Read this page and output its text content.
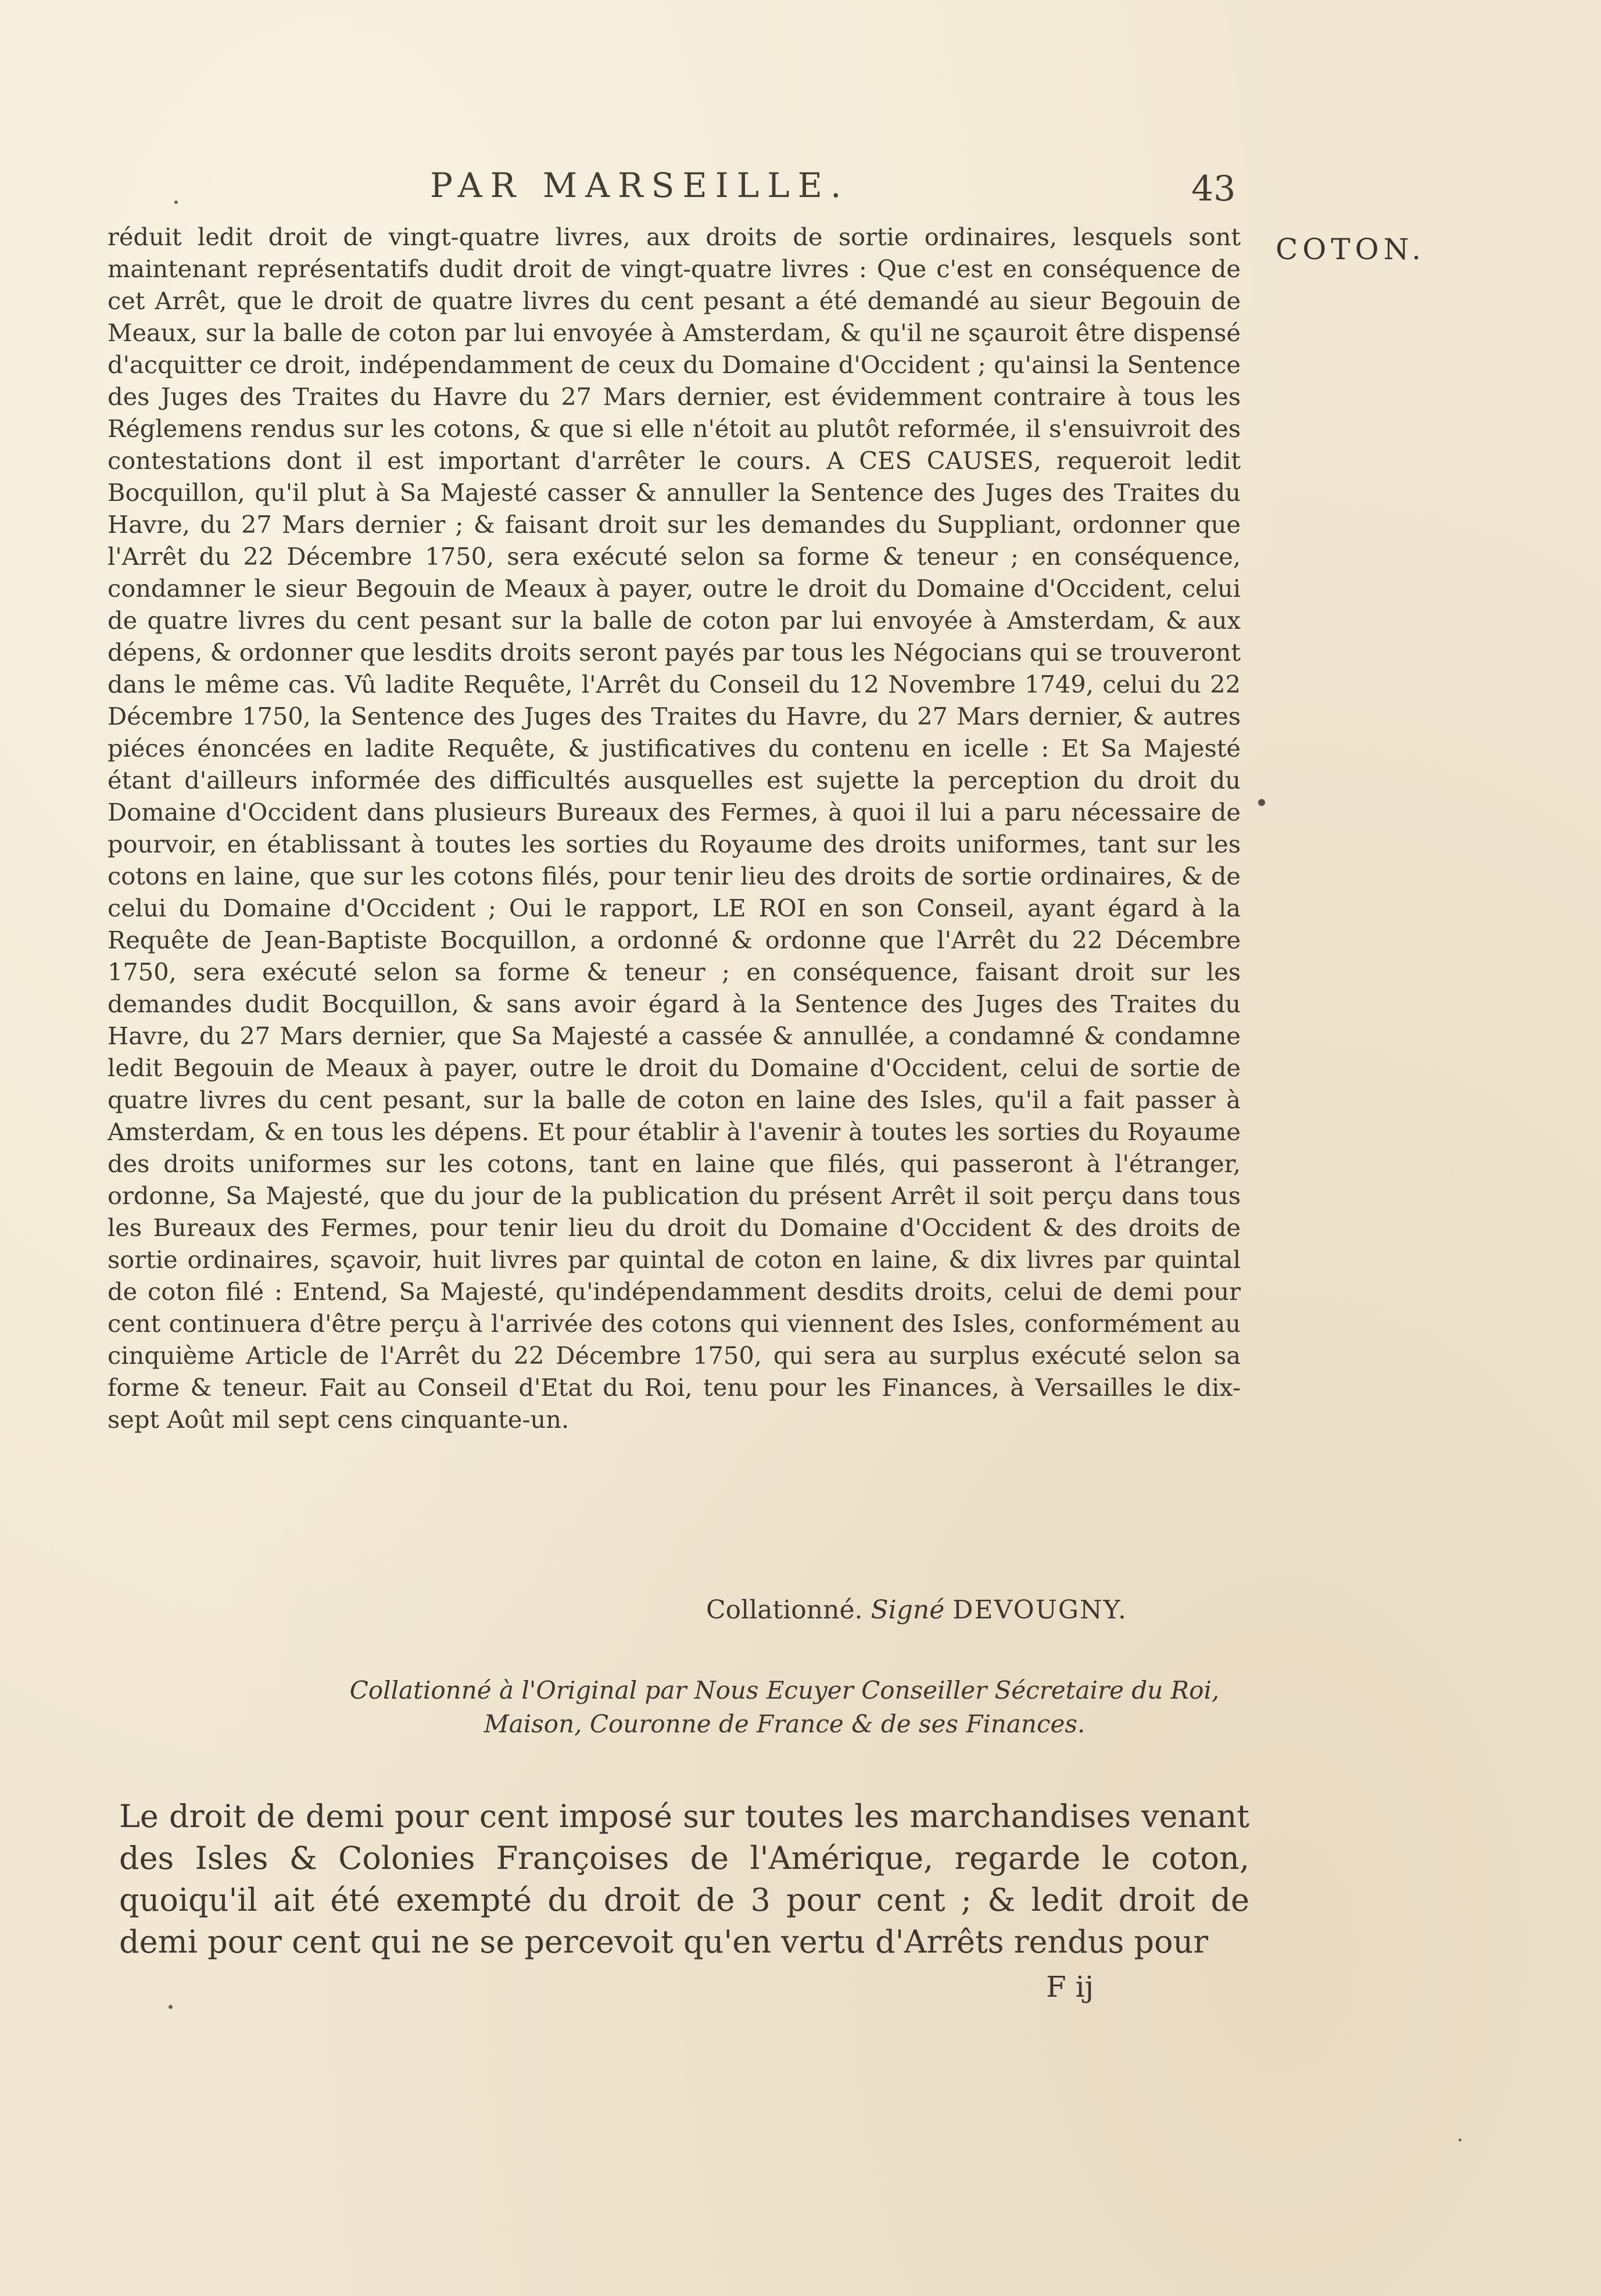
PAR MARSEILLE.	43
COTON.
réduit ledit droit de vingt-quatre livres, aux droits de sortie ordinaires, lesquels sont maintenant représentatifs dudit droit de vingt-quatre livres : Que c'est en conséquence de cet Arrêt, que le droit de quatre livres du cent pesant a été demandé au sieur Begouin de Meaux, sur la balle de coton par lui envoyée à Amsterdam, & qu'il ne sçauroit être dispensé d'acquitter ce droit, indépendamment de ceux du Domaine d'Occident ; qu'ainsi la Sentence des Juges des Traites du Havre du 27 Mars dernier, est évidemment contraire à tous les Réglemens rendus sur les cotons, & que si elle n'étoit au plutôt reformée, il s'ensuivroit des contestations dont il est important d'arrêter le cours. A CES CAUSES, requeroit ledit Bocquillon, qu'il plut à Sa Majesté casser & annuller la Sentence des Juges des Traites du Havre, du 27 Mars dernier ; & faisant droit sur les demandes du Suppliant, ordonner que l'Arrêt du 22 Décembre 1750, sera exécuté selon sa forme & teneur ; en conséquence, condamner le sieur Begouin de Meaux à payer, outre le droit du Domaine d'Occident, celui de quatre livres du cent pesant sur la balle de coton par lui envoyée à Amsterdam, & aux dépens, & ordonner que lesdits droits seront payés par tous les Négocians qui se trouveront dans le même cas. Vû ladite Requête, l'Arrêt du Conseil du 12 Novembre 1749, celui du 22 Décembre 1750, la Sentence des Juges des Traites du Havre, du 27 Mars dernier, & autres piéces énoncées en ladite Requête, & justificatives du contenu en icelle : Et Sa Majesté étant d'ailleurs informée des difficultés ausquelles est sujette la perception du droit du Domaine d'Occident dans plusieurs Bureaux des Fermes, à quoi il lui a paru nécessaire de pourvoir, en établissant à toutes les sorties du Royaume des droits uniformes, tant sur les cotons en laine, que sur les cotons filés, pour tenir lieu des droits de sortie ordinaires, & de celui du Domaine d'Occident ; Oui le rapport, LE ROI en son Conseil, ayant égard à la Requête de Jean-Baptiste Bocquillon, a ordonné & ordonne que l'Arrêt du 22 Décembre 1750, sera exécuté selon sa forme & teneur ; en conséquence, faisant droit sur les demandes dudit Bocquillon, & sans avoir égard à la Sentence des Juges des Traites du Havre, du 27 Mars dernier, que Sa Majesté a cassée & annullée, a condamné & condamne ledit Begouin de Meaux à payer, outre le droit du Domaine d'Occident, celui de sortie de quatre livres du cent pesant, sur la balle de coton en laine des Isles, qu'il a fait passer à Amsterdam, & en tous les dépens. Et pour établir à l'avenir à toutes les sorties du Royaume des droits uniformes sur les cotons, tant en laine que filés, qui passeront à l'étranger, ordonne, Sa Majesté, que du jour de la publication du présent Arrêt il soit perçu dans tous les Bureaux des Fermes, pour tenir lieu du droit du Domaine d'Occident & des droits de sortie ordinaires, sçavoir, huit livres par quintal de coton en laine, & dix livres par quintal de coton filé : Entend, Sa Majesté, qu'indépendamment desdits droits, celui de demi pour cent continuera d'être perçu à l'arrivée des cotons qui viennent des Isles, conformément au cinquième Article de l'Arrêt du 22 Décembre 1750, qui sera au surplus exécuté selon sa forme & teneur. Fait au Conseil d'Etat du Roi, tenu pour les Finances, à Versailles le dix-sept Août mil sept cens cinquante-un.
Collationné. Signé DEVOUGNY.
Collationné à l'Original par Nous Ecuyer Conseiller Sécretaire du Roi, Maison, Couronne de France & de ses Finances.
Le droit de demi pour cent imposé sur toutes les marchandises venant des Isles & Colonies Françoises de l'Amérique, regarde le coton, quoiqu'il ait été exempté du droit de 3 pour cent ; & ledit droit de demi pour cent qui ne se percevoit qu'en vertu d'Arrêts rendus pour
F ij
